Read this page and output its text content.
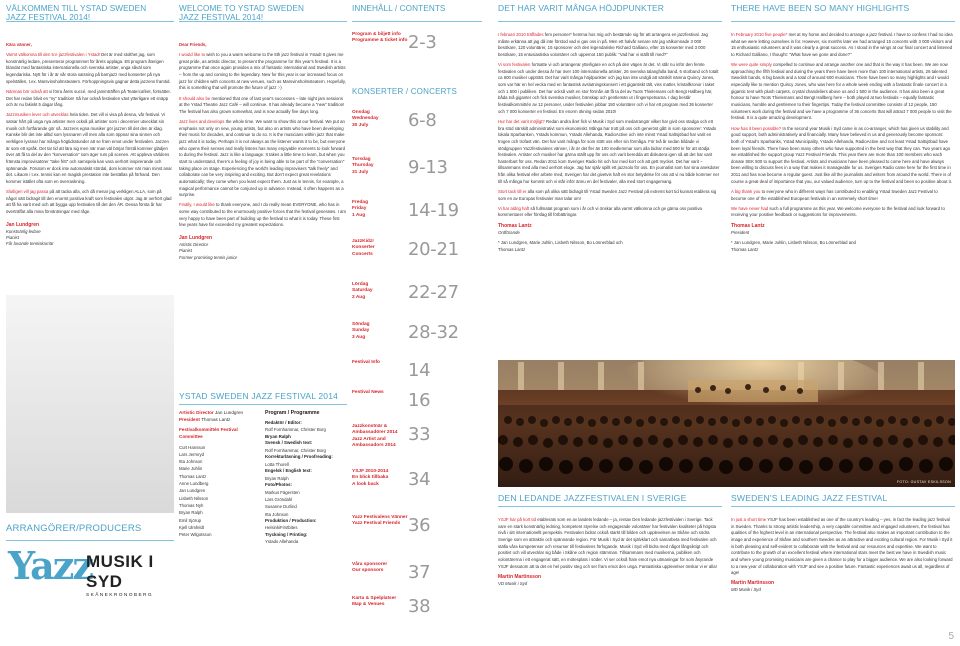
VÄLKOMMEN TILL YSTAD SWEDEN
JAZZ FESTIVAL 2014!

Kära vänner,

Varmt välkomna till den 5:e jazzfestivalen i Ystad! Det är med stolthet jag, som konstnärlig ledare, presenterar programmet för årets upplaga. Ett program återigen blandat med fantastiska internationella och svenska artister, unga såväl som legendariska. Nytt för i år är vår stora satsning på barnjazz med konserter på nya spelställen, t.ex. Marsvinsholmsteatern. Förhoppningsvis gagnar detta jazzens framtid.

Nämnas bör också att vi förra årets succé, med jammträffen på Teatercaféet, fortsätter. Det har redan blivit en "ny" tradition! Så har också festivalen växt ytterligare ett snäpp och är nu fakiskt 5 dagar lång.

Jazzmusiken lever och utvecklas hela tiden. Det vill vi visa på denna, vår festival. Vi satsar hårt på unga nya artister men också på artister som i decennier utvecklat sin musik och fortfarande gör så. Jazzens egna musiker gör jazzen till det den är idag. Kanske blir det inte alltid som lyssnaren vill men alla som öppnar sina sinnen och verkligen lyssnar har många högtidsstunder att se fram emot under festivalen. Jazzen är som ett språk. Det tar tid att lära sig men när man väl börjar förstå kommer glädjen över att få ta del av den "konversation" som äger rum på scenen. Att uppleva världens främsta improvisatörer "take fritt" och samspela kan vara oerhört inspirerande och spännande. Förutom er dock inte automatiskt stördal, dom kommer när man minst anar det. Likaom i t.ex. tennis kan en magisk prestation inte beställas på förhand. Den kommer istället ofta som en överraskning.

Slutligen vill jag passa på att tacka alla, och då menar jag verkligen ALLA, som på något sätt bidragit till den enormt positiva kraft som festivalen utgör. Jag är oerhört glad att få ha varit med och att bygga upp festivalen till det den ÄR. Dessa första år har överträffat alla mina förväntningar med råge.

Jan Lundgren
Konstnärlig ledare
Pianist
Får lovande tenniskarriär
ARRANGÖRER/PRODUCERS
Yazz
MUSIK I SYD
SKÅNEKRONOBERG
WELCOME TO YSTAD SWEDEN
JAZZ FESTIVAL 2014!

Dear Friends,

I would like to wish to you a warm welcome to the 5th jazz festival in Ystad! It gives me great pride, as artistic director, to present the programme for this year's festival. It is a programme that once again provides a mix of fantastic international and Swedish artists – from the up and coming to the legendary. New for this year is our increased focus on jazz for children with concerts at new venues, such as Marsvinsholmsteatern. Hopefully, this is something that will promote the future of jazz :-)

It should also be mentioned that one of last year's successes – late night jam sessions at the Ystad Theatre Jazz Café – will continue. It has already become a "new" tradition! The festival has also grown somewhat, and is now actually five days long.

Jazz lives and develops the whole time. We want to show this at our festival. We put an emphasis not only on new, young artists, but also on artists who have been developing their music for decades, and continue to do so. It is the musicians within jazz that make jazz what it is today. Perhaps it is not always as the listener wants it to be, but everyone who opens their senses and really listens has many enjoyable moments to look forward to during the festival. Jazz is like a language. It takes a little time to learn, but when you start to understand, there's a feeling of joy in being able to be part of the "conversation" taking place on stage. Experiencing the world's leading improvisers "talk freely" and collaborate can be very inspiring and exciting. But don't expect great revelations automatically; they come when you least expect them. Just as in tennis, for example, a magical performance cannot be conjured up in advance. Instead, it often happens as a surprise.

Finally, I would like to thank everyone, and I do really mean EVERYONE, who has in some way contributed to the enormously positive forces that the festival generates. I am very happy to have been part of building up the festival to what it is today. These first few years have far exceeded my greatest expectations.

Jan Lundgren
Artistic Director
Pianist
Former promising tennis junior
YSTAD SWEDEN JAZZ FESTIVAL 2014
Artistic Director Jan Lundgren
President Thomas Lantz
Festivalkommittén Festival Committee
Curt Hansson
Lars Jermryd
Itta Johnson
Marie Juhlin
Thomas Lantz
Anne Lundberg
Jan Lundgren
Lisbeth Nilsson
Thomas Nyh
Bryan Ralph
Emil Sjörup
Kjell Ulmfeldt
Peter Wilgotsson
Program / Programme
Redaktör / Editor:
Rolf Fornhammar, Christer Borg
Bryan Ralph
Svensk / Swedish text:
Rolf Fornhammar, Christer Borg
Korrekturläsning / Proofreading:
Lotta Thorell
Engelsk / English text:
Bryan Ralph
Foto/Photos:
Markus Fägersten
Lars Gröndahl
Susanne Durlind
Itta Johnson
Produktion / Production:
HelsinkiFirstbites
Tryckning / Printing:
Ystads Allehanda
INNEHÅLL / CONTENTS
Program & biljett info
Programme & ticket info 2-3
Onsdag
Wednesday
30 July	6-8
Torsdag
Thursday
31 July	9-13
Fredag
Friday
1 Aug	14-19
JazzKidz!
Konserter
Concerts	20-21
Lördag
Saturday
2 Aug	22-27
Söndag
Sunday
3 Aug	28-32
Festival Info	14
Festival News	16
Jazzkonstnär & Ambassadörer 2014
Jazz Artist and Ambassadors 2014
33
YSJF 2010-2014
En blick tillbaka
A look back	34
Yazz Festivalens Vänner
Yazz Festival Friends 36
Våra sponsorer
Our sponsors	37
Karta & Spelplatser
Map & Venues	38
KONSERTER / CONCERTS
DET HAR VARIT MÅNGA HÖJDPUNKTER

I februari 2010 träffades fem personer* hemma hos mig och bestämde sig för att arrangera en jazzfestival. Jag måste erkänna att jag då inte förstod vad vi gav oss in på. Men ett halvår senare när jag välkomnade 3 000 besökare, 120 volontärer, 15 sponsorer och den legendariske Richard Galliano, efter 15 konserter med 3 000 besökare, 15 entusiastiska volontärer och uppemot 150 publik: "Vad har vi ställt till med?"

Vi som festivalen fortsatte vi och arrangerar ytterligare en och på den vägen är det. Vi står nu inför den femte festivalen och under dessa år har över 100 internationella artister, 26 svenska talangfulla band, 6 storband och totalt ca 600 musiker uppträtt. Det har varit många höjdpunkter och jag kan inte undgå att särskilt nämna Quincy Jones, som var här en hel vecka med en fantastisk avslutningskonsert i ett gigantiskt tält, viss matter, kristallkronor i taket och 1 500 i publiken. Det har också varit en stor förmån att få ta del av Toots Thielemans och Bengt Hallberg här, båda två giganter och fick svenska musiker, bönskap och gentlemän ut i fingerspetsarna. I dag består festivalkommittén av 12 personer, under festivalen jobbar 150 volontärer och vi har ett program med 36 konserter och 7 000 konserter en festival. En enorm ökning sedan 2010!

Hur har det varit möjligt? Redan andra året fick vi Musik i Syd som medarrangör vilket har givit oss stadga och ett bra stöd särskilt administrativt som ekonomiskt. Många har trott på oss och generöst gått in som sponsorer: Ystads lokala Sparbanken, Ystads kommun, Ystads Allehanda, RadioActive och inte minst Ystad Saltsjöbad har varit en trogen och trofast vän. Det har varit många för som stött oss efter sin förmåga. För två år sedan bildade vi stödgruppen Yazzfestivalens vänner, i år är det fler än 100 medlemmar som alla bidrar med 500 kr för att stödja festivalen. Artister och musiker har gärna ställt upp för oss och varit beredda att diskutera igen så att det har varit hanterbart för oss. Redan 2011 kom Sveriges Radio hit och har med kort och att gett mycket. Det har varit – tillsammans med alla med oerhört eloge. Jag har själv spillt ett jazzsolo för oss. En journalist som har sina anekdoter från olika festival eller arbete med, Sverigen har det givetvis haft en stor betydelse för oss att vi nu både kommer ner till så många hur kommit och vi står inför ännu en del festivaler, alla med stort engagemang.

Stort tack till er alla som på olika sätt bidragit till Ystad Sweden Jazz Festival på extremt kort tid kunnat etablera sig som en av Europas festivaler man talar om!

Vi har aldrig haft så fullmatat program som i år och vi önskar alla varmt välkomna och ge gärna oss positiva kommentarer eller förslag till förbättringar.

Thomas Lantz
Ordförande
* Jan Lundgren, Marie Juhlin, Lisbeth Nilsson, Bo Lönnerblad och Thomas Lantz
THERE HAVE BEEN SO MANY HIGHLIGHTS

In February 2010 five people* met at my home and decided to arrange a jazz festival. I have to confess I had no idea what we were letting ourselves in for. However, six months later we had arranged 15 concerts with 3 000 visitors and 15 enthusiastic volunteers and it was clearly a great success. As I stood in the wings at our final concert and listened to Richard Galliano, I thought: "What have we gone and done?"

We were quite simply compelled to continue and arrange another one and that is the way it has been. We are now approaching the fifth festival and during the years there have been more than 100 international artists, 26 talented Swedish bands, 6 big bands and a total of around 600 musicians. There have been so many highlights and I would especially like to mention Quincy Jones, who was here for a whole week ending with a fantastic finale concert in a gigantic tent with plush carpets, crystal chandeliers above us and 1 500 in the audience. It has also been a great honour to have Toots Thielemans and Bengt Hallberg here – both played at two festivals – equally fantastic musicians, humble and gentlemen to their fingertips. Today the festival committee consists of 12 people, 150 volunteers work during the festival and we have a programme of 36 concerts that will attract 7 000 people to visit the festival. It is a quite amazing development.

How has it been possible? In the second year Musik i Syd came in as co-arranger, which has given us stability and good support, both administratively and financially. Many have believed in us and generously become sponsors: both of Ystad's Sparbanks, Ystad Municipality, Ystads Allehanda, RadioActive and not least Ystad Saltsjöbad have been loyal friends. There have been many others who have supported in the best way that they can. Two years ago we established the support group Yazz Festival Friends. This year there are more than 100 members who each donate SEK 500 to support the festival. Artists and musicians have been pleased to come here and have always been willing to discuss fees in a way that makes it manageable for us. Sveriges Radio came here for the first time in 2011 and has now become a regular guest. Just like all the journalists and writers from around the world. There is of course a great deal of importance that you, our valued audience, turn up to the festival and been so positive about it.

A big thank you to everyone who in different ways has contributed to enabling Ystad Sweden Jazz Festival to become one of the established European festivals in an extremely short time!

We have never had such a full programme as this year. We welcome everyone to the festival and look forward to receiving your positive feedback or suggestions for improvements.

Thomas Lantz
President
* Jan Lundgren, Marie Juhlin, Lisbeth Nilsson, Bo Lönnerblad and Thomas Lantz
FOTO: GUSTAV ESKILSSON
DEN LEDANDE JAZZFESTIVALEN I SVERIGE

YSJF har på kort tid etablerats som en av landets ledande – ja, rentav Den ledande jazzfestivalen i Sverige. Tack vare en stark konstnärlig ledning, kompetent styrelse och engagerade volontärer har festivalen kvaliteter på högsta nivå i sitt internationellt perspektiv. Festivalen bidrar också starkt till bilden och upplevelsen av Skåne och södra Sverige som en attraktiv och spännande region. För Musik i Syd är det självklart och samarbeta med festivalen och ställa våra kompetenser och resurser till festivalens förfogande. Musik i Syd vill bidra med något långsiktigt och positivt och vill utvecklar sig både i Skåne och region stämman. Tillsammans med musikerna, publiken och volontärerna i ett engagerat sätt, en mötesplats i söder. Vi ser också fram emot nya utmaningar för som åsyrande YSJF dessutom att ta det en hel positiv steg och ser fram emot den unga. Fantastiska upplevelser önskar vi er alla!

Martin Martinsson
VD Musik i Syd
SWEDEN'S LEADING JAZZ FESTIVAL

In just a short time YSJF has been established as one of the country's leading – yes, in fact the leading jazz festival in Sweden. Thanks to strong artistic leadership, a very capable committee and engaged volunteers, the festival has qualities of the highest level in an international perspective. The festival also makes an important contribution to the image and experience of Skåne and southern Sweden as an attractive and exciting cultural region. For Musik i Syd it is both pleasing and self-evident to collaborate with the festival and our resources and expertise. We want to contribute to the growth of an excellent festival where international stars meet the best we have in Swedish music and where young promising musicians are given a chance to play for a bigger audience. We are also looking forward to a new year of collaboration with YSJF and see a positive future. Fantastic experiences await us all, regardless of age!

Martin Martinsson
MD Musik i Syd
5
